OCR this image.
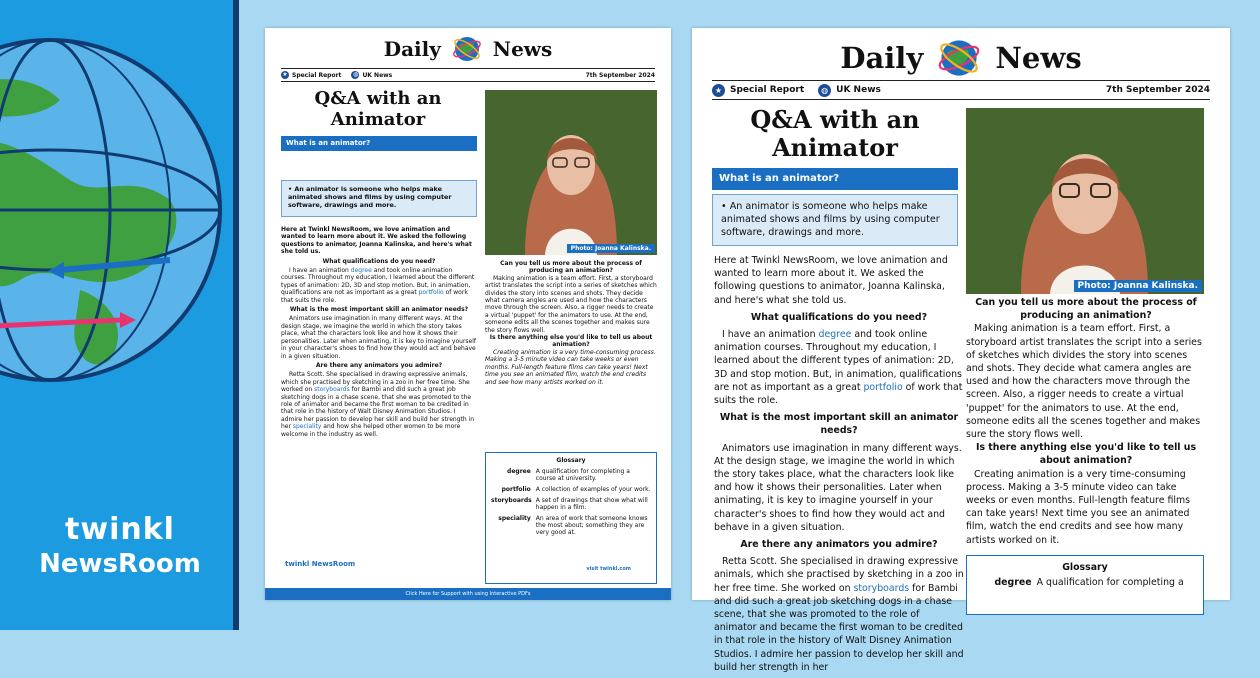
twinkl
NewsRoom
Daily	News
★ Special Report ◍ UK News	7th September 2024
Q&A with an Animator
What is an animator?
• An animator is someone who helps make animated shows and films by using computer software, drawings and more.

Here at Twinkl NewsRoom, we love animation and wanted to learn more about it. We asked the following questions to animator, Joanna Kalinska, and here's what she told us.

What qualifications do you need?

I have an animation degree and took online animation courses. Throughout my education, I learned about the different types of animation: 2D, 3D and stop motion. But, in animation, qualifications are not as important as a great portfolio of work that suits the role.

What is the most important skill an animator needs?

Animators use imagination in many different ways. At the design stage, we imagine the world in which the story takes place, what the characters look like and how it shows their personalities. Later when animating, it is key to imagine yourself in your character's shoes to find how they would act and behave in a given situation.

Are there any animators you admire?

Retta Scott. She specialised in drawing expressive animals, which she practised by sketching in a zoo in her free time. She worked on storyboards for Bambi and did such a great job sketching dogs in a chase scene, that she was promoted to the role of animator and became the first woman to be credited in that role in the history of Walt Disney Animation Studios. I admire her passion to develop her skill and build her strength in her speciality and how she helped other women to be more welcome in the industry as well.

Photo: Joanna Kalinska.

Can you tell us more about the process of producing an animation?

Making animation is a team effort. First, a storyboard artist translates the script into a series of sketches which divides the story into scenes and shots. They decide what camera angles are used and how the characters move through the screen. Also, a rigger needs to create a virtual 'puppet' for the animators to use. At the end, someone edits all the scenes together and makes sure the story flows well.

Is there anything else you'd like to tell us about animation?

Creating animation is a very time-consuming process. Making a 3-5 minute video can take weeks or even months. Full-length feature films can take years! Next time you see an animated film, watch the end credits and see how many artists worked on it.

Glossary
degree A qualification for completing a course at university.
portfolio A collection of examples of your work.
storyboards A set of drawings that show what will happen in a film.
speciality An area of work that someone knows the most about; something they are very good at.
twinkl NewsRoom
visit twinkl.com
Click Here for Support with using Interactive PDFs
Daily News
★ Special Report	◍ UK News	7th September 2024
Q&A with an Animator
What is an animator?
• An animator is someone who helps make animated shows and films by using computer software, drawings and more.

Here at Twinkl NewsRoom, we love animation and wanted to learn more about it. We asked the following questions to animator, Joanna Kalinska, and here's what she told us.

What qualifications do you need?

I have an animation degree and took online animation courses. Throughout my education, I learned about the different types of animation: 2D, 3D and stop motion. But, in animation, qualifications are not as important as a great portfolio of work that suits the role.

What is the most important skill an animator needs?

Animators use imagination in many different ways. At the design stage, we imagine the world in which the story takes place, what the characters look like and how it shows their personalities. Later when animating, it is key to imagine yourself in your character's shoes to find how they would act and behave in a given situation.

Are there any animators you admire?

Retta Scott. She specialised in drawing expressive animals, which she practised by sketching in a zoo in her free time. She worked on storyboards for Bambi and did such a great job sketching dogs in a chase scene, that she was promoted to the role of animator and became the first woman to be credited in that role in the history of Walt Disney Animation Studios. I admire her passion to develop her skill and build her strength in her

Photo: Joanna Kalinska.

Can you tell us more about the process of producing an animation?

Making animation is a team effort. First, a storyboard artist translates the script into a series of sketches which divides the story into scenes and shots. They decide what camera angles are used and how the characters move through the screen. Also, a rigger needs to create a virtual 'puppet' for the animators to use. At the end, someone edits all the scenes together and makes sure the story flows well.

Is there anything else you'd like to tell us about animation?

Creating animation is a very time-consuming process. Making a 3-5 minute video can take weeks or even months. Full-length feature films can take years! Next time you see an animated film, watch the end credits and see how many artists worked on it.

Glossary
degree A qualification for completing a
